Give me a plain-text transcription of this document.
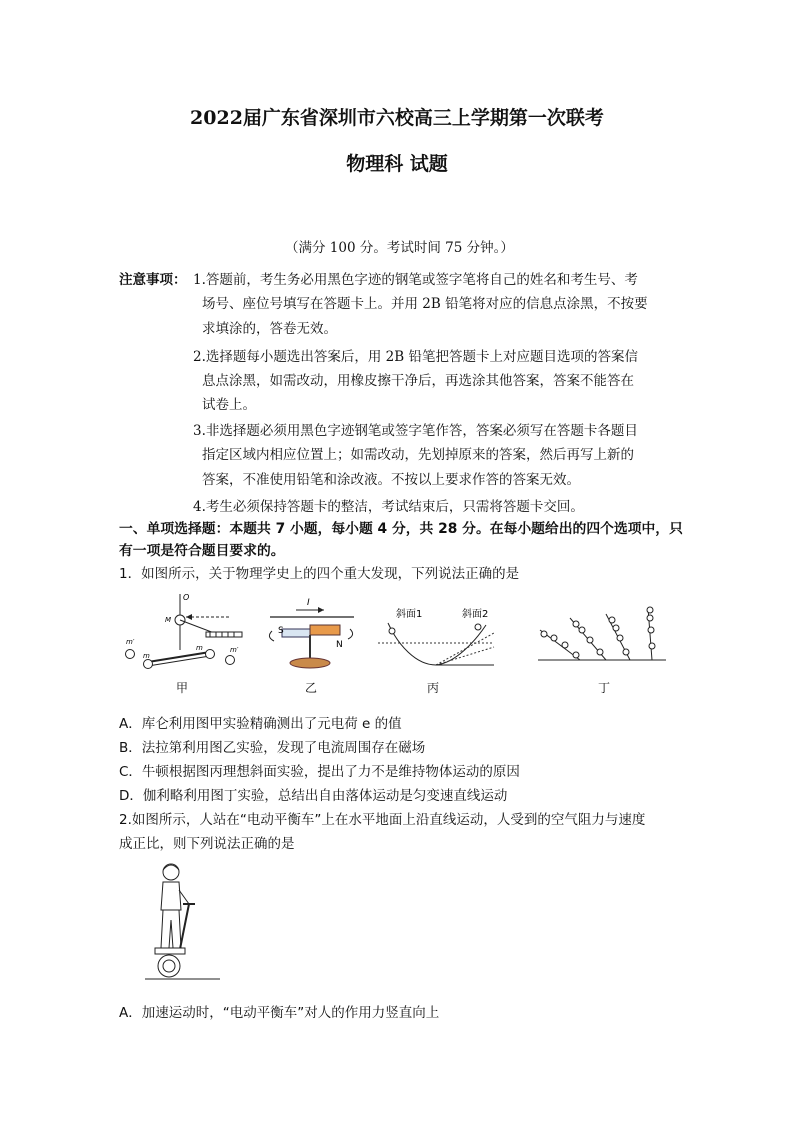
2022届广东省深圳市六校高三上学期第一次联考
物理科 试题
（满分 100 分。考试时间 75 分钟。）
注意事项： 1.答题前，考生务必用黑色字迹的钢笔或签字笔将自己的姓名和考生号、考
场号、座位号填写在答题卡上。并用 2B 铅笔将对应的信息点涂黑，不按要
求填涂的，答卷无效。
2.选择题每小题选出答案后，用 2B 铅笔把答题卡上对应题目选项的答案信
息点涂黑，如需改动，用橡皮擦干净后，再选涂其他答案，答案不能答在
试卷上。
3.非选择题必须用黑色字迹钢笔或签字笔作答，答案必须写在答题卡各题目
指定区域内相应位置上；如需改动，先划掉原来的答案，然后再写上新的
答案，不准使用铅笔和涂改液。不按以上要求作答的答案无效。
4.考生必须保持答题卡的整洁，考试结束后，只需将答题卡交回。
一、单项选择题：本题共 7 小题，每小题 4 分，共 28 分。在每小题给出的四个选项中，只
有一项是符合题目要求的。
1．如图所示，关于物理学史上的四个重大发现，下列说法正确的是
O
M
m
m
m′
m′
甲
I
S
N
乙
斜面1	斜面2
丙	丁
A．库仑利用图甲实验精确测出了元电荷 e 的值
B．法拉第利用图乙实验，发现了电流周围存在磁场
C．牛顿根据图丙理想斜面实验，提出了力不是维持物体运动的原因
D．伽利略利用图丁实验，总结出自由落体运动是匀变速直线运动
2.如图所示，人站在“电动平衡车”上在水平地面上沿直线运动，人受到的空气阻力与速度
成正比，则下列说法正确的是
A．加速运动时，“电动平衡车”对人的作用力竖直向上
